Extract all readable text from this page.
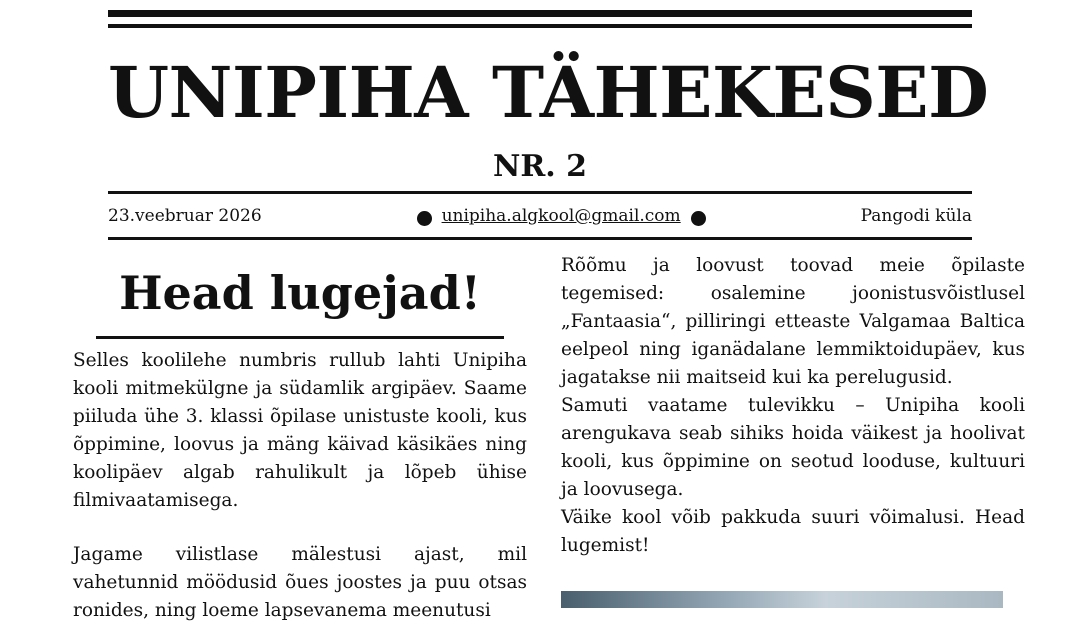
UNIPIHA TÄHEKESED
NR. 2
23.veebruar 2026	unipiha.algkool@gmail.com	Pangodi küla
Head lugejad!

Selles koolilehe numbris rullub lahti Unipiha kooli mitmekülgne ja südamlik argipäev. Saame piiluda ühe 3. klassi õpilase unistuste kooli, kus õppimine, loovus ja mäng käivad käsikäes ning koolipäev algab rahulikult ja lõpeb ühise filmivaatamisega.

Jagame vilistlase mälestusi ajast, mil vahetunnid möödusid õues joostes ja puu otsas ronides, ning loeme lapsevanema meenutusi

Rõõmu ja loovust toovad meie õpilaste tegemised: osalemine joonistusvõistlusel „Fantaasia“, pilliringi etteaste Valgamaa Baltica eelpeol ning iganädalane lemmiktoidupäev, kus jagatakse nii maitseid kui ka perelugusid.

Samuti vaatame tulevikku – Unipiha kooli arengukava seab sihiks hoida väikest ja hoolivat kooli, kus õppimine on seotud looduse, kultuuri ja loovusega.

Väike kool võib pakkuda suuri võimalusi. Head lugemist!
